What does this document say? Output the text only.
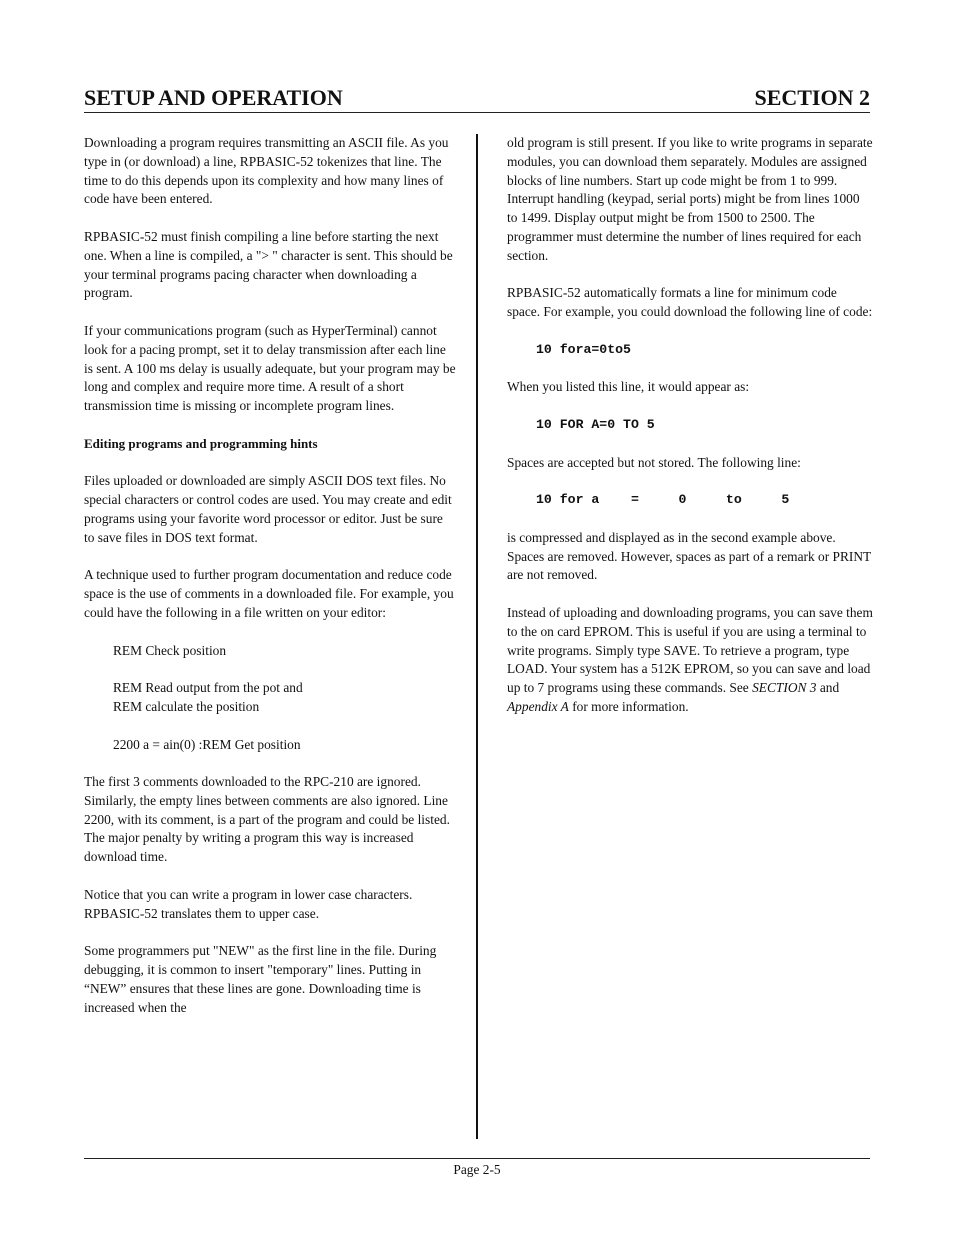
SETUP AND OPERATION	SECTION 2

Downloading a program requires transmitting an ASCII file. As you type in (or download) a line, RPBASIC-52 tokenizes that line. The time to do this depends upon its complexity and how many lines of code have been entered.

RPBASIC-52 must finish compiling a line before starting the next one. When a line is compiled, a "> " character is sent. This should be your terminal programs pacing character when downloading a program.

If your communications program (such as HyperTerminal) cannot look for a pacing prompt, set it to delay transmission after each line is sent. A 100 ms delay is usually adequate, but your program may be long and complex and require more time. A result of a short transmission time is missing or incomplete program lines.

Editing programs and programming hints

Files uploaded or downloaded are simply ASCII DOS text files. No special characters or control codes are used. You may create and edit programs using your favorite word processor or editor. Just be sure to save files in DOS text format.

A technique used to further program documentation and reduce code space is the use of comments in a downloaded file. For example, you could have the following in a file written on your editor:

REM Check position

REM Read output from the pot and

REM calculate the position

2200 a = ain(0) :REM Get position

The first 3 comments downloaded to the RPC-210 are ignored. Similarly, the empty lines between comments are also ignored. Line 2200, with its comment, is a part of the program and could be listed. The major penalty by writing a program this way is increased download time.

Notice that you can write a program in lower case characters. RPBASIC-52 translates them to upper case.

Some programmers put "NEW" as the first line in the file. During debugging, it is common to insert "temporary" lines. Putting in “NEW” ensures that these lines are gone. Downloading time is increased when the

old program is still present. If you like to write programs in separate modules, you can download them separately. Modules are assigned blocks of line numbers. Start up code might be from 1 to 999. Interrupt handling (keypad, serial ports) might be from lines 1000 to 1499. Display output might be from 1500 to 2500. The programmer must determine the number of lines required for each section.

RPBASIC-52 automatically formats a line for minimum code space. For example, you could download the following line of code:

10 fora=0to5

When you listed this line, it would appear as:

10 FOR A=0 TO 5

Spaces are accepted but not stored. The following line:

10 for a    =     0     to     5

is compressed and displayed as in the second example above. Spaces are removed. However, spaces as part of a remark or PRINT are not removed.

Instead of uploading and downloading programs, you can save them to the on card EPROM. This is useful if you are using a terminal to write programs. Simply type SAVE. To retrieve a program, type LOAD. Your system has a 512K EPROM, so you can save and load up to 7 programs using these commands. See SECTION 3 and Appendix A for more information.

Page 2-5
